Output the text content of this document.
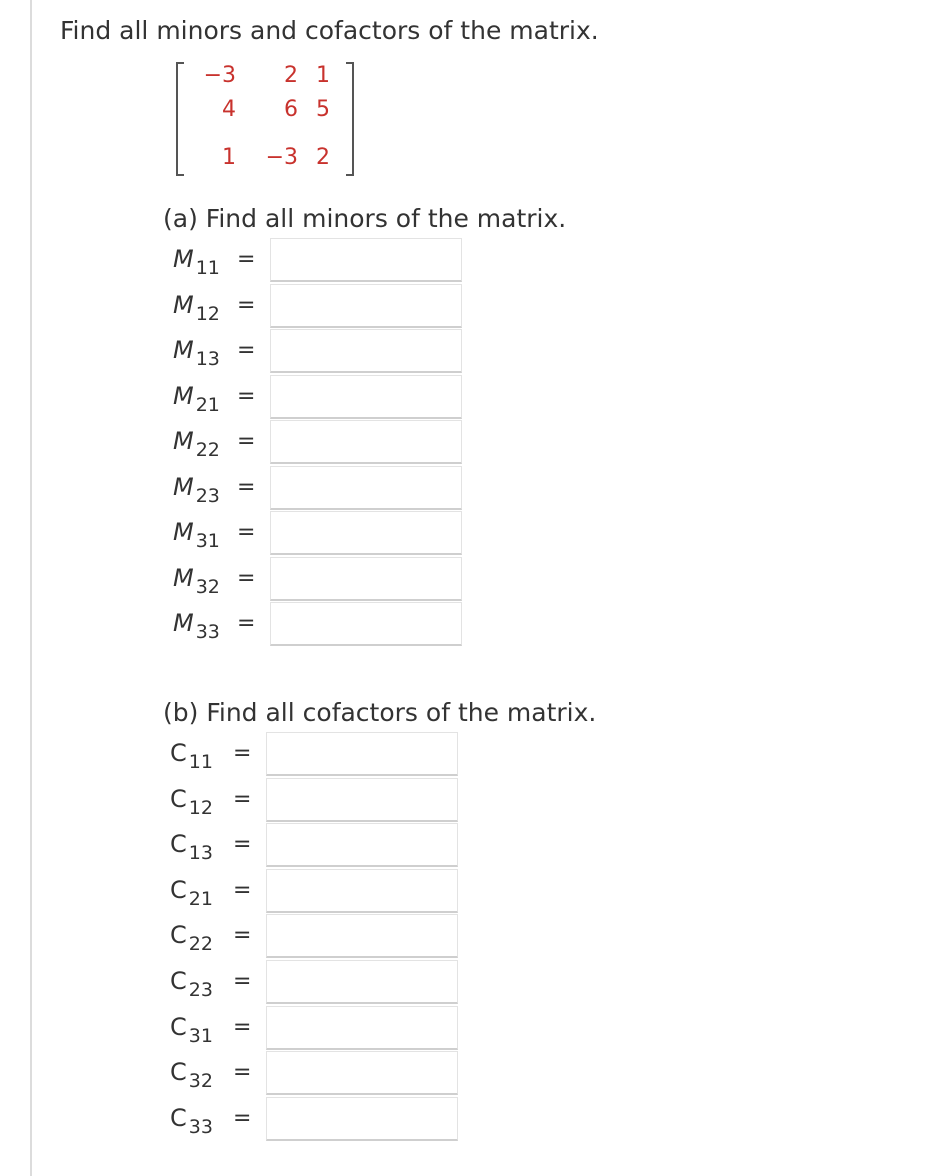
Find all minors and cofactors of the matrix.
−3	2 1
4	6 5
1	−3 2
(a) Find all minors of the matrix.
M $_{11}$ =
M $_{12}$ =
M $_{13}$ =
M $_{21}$ =
M $_{22}$ =
M $_{23}$ =
M $_{31}$ =
M $_{32}$ =
M $_{33}$ =
(b) Find all cofactors of the matrix.
C $_{11}$ =
C $_{12}$ =
C $_{13}$ =
C $_{21}$ =
C $_{22}$ =
C $_{23}$ =
C $_{31}$ =
C $_{32}$ =
C $_{33}$ =
